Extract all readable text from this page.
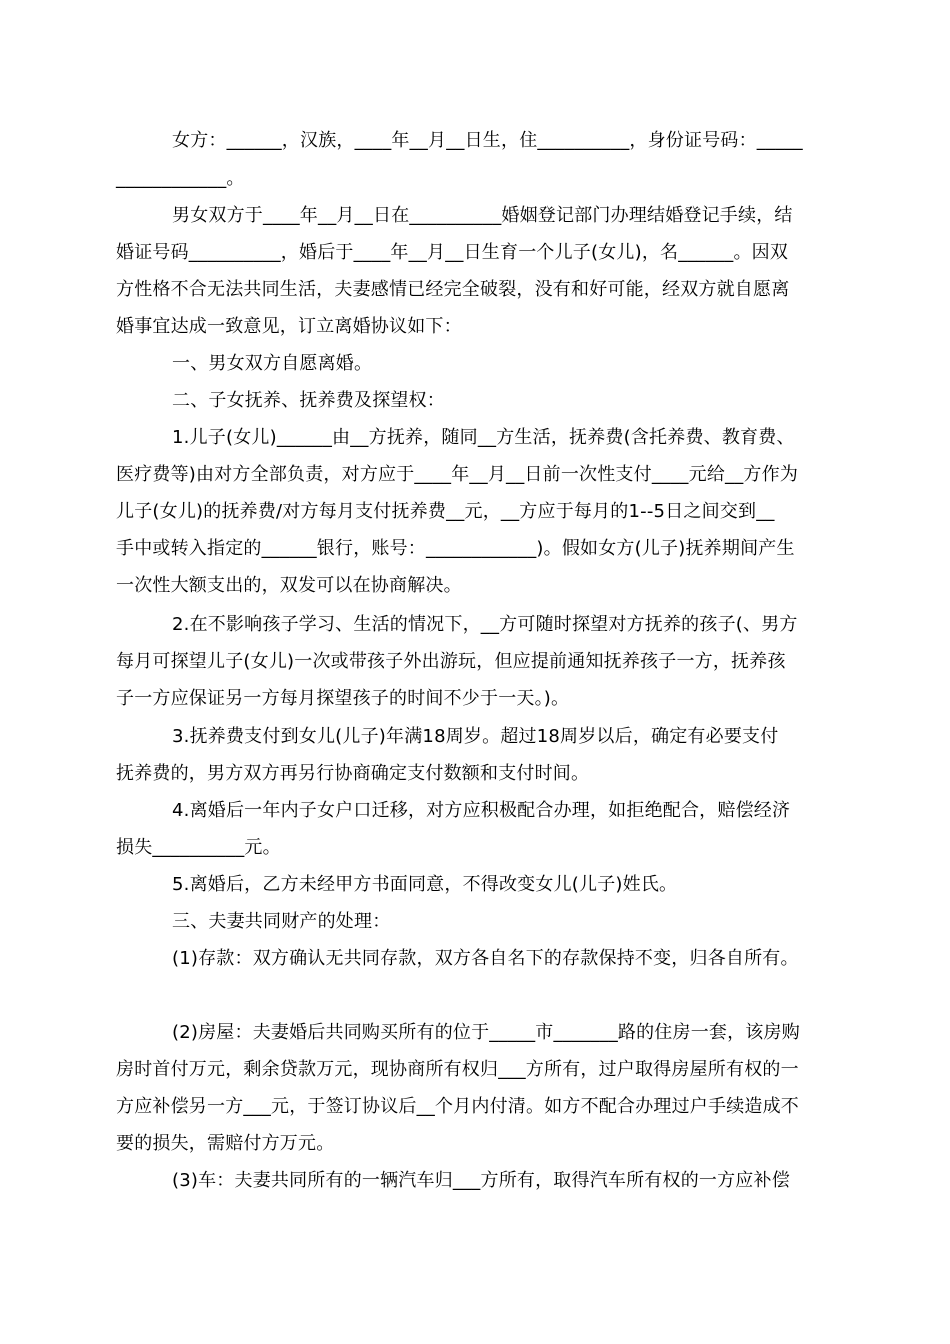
女方：______，汉族，____年__月__日生，住__________，身份证号码：_____
____________。
男女双方于____年__月__日在__________婚姻登记部门办理结婚登记手续，结
婚证号码__________，婚后于____年__月__日生育一个儿子(女儿)，名______。因双
方性格不合无法共同生活，夫妻感情已经完全破裂，没有和好可能，经双方就自愿离
婚事宜达成一致意见，订立离婚协议如下：
一、男女双方自愿离婚。
二、子女抚养、抚养费及探望权：
1.儿子(女儿)______由__方抚养，随同__方生活，抚养费(含托养费、教育费、
医疗费等)由对方全部负责，对方应于____年__月__日前一次性支付____元给__方作为
儿子(女儿)的抚养费/对方每月支付抚养费__元，__方应于每月的1--5日之间交到__
手中或转入指定的______银行，账号：____________)。假如女方(儿子)抚养期间产生
一次性大额支出的，双发可以在协商解决。
2.在不影响孩子学习、生活的情况下，__方可随时探望对方抚养的孩子(、男方
每月可探望儿子(女儿)一次或带孩子外出游玩，但应提前通知抚养孩子一方，抚养孩
子一方应保证另一方每月探望孩子的时间不少于一天。)。
3.抚养费支付到女儿(儿子)年满18周岁。超过18周岁以后，确定有必要支付
抚养费的，男方双方再另行协商确定支付数额和支付时间。
4.离婚后一年内子女户口迁移，对方应积极配合办理，如拒绝配合，赔偿经济
损失__________元。
5.离婚后，乙方未经甲方书面同意，不得改变女儿(儿子)姓氏。
三、夫妻共同财产的处理：
(1)存款：双方确认无共同存款，双方各自名下的存款保持不变，归各自所有。
(2)房屋：夫妻婚后共同购买所有的位于_____市_______路的住房一套，该房购
房时首付万元，剩余贷款万元，现协商所有权归___方所有，过户取得房屋所有权的一
方应补偿另一方___元，于签订协议后__个月内付清。如方不配合办理过户手续造成不
要的损失，需赔付方万元。
(3)车：夫妻共同所有的一辆汽车归___方所有，取得汽车所有权的一方应补偿
